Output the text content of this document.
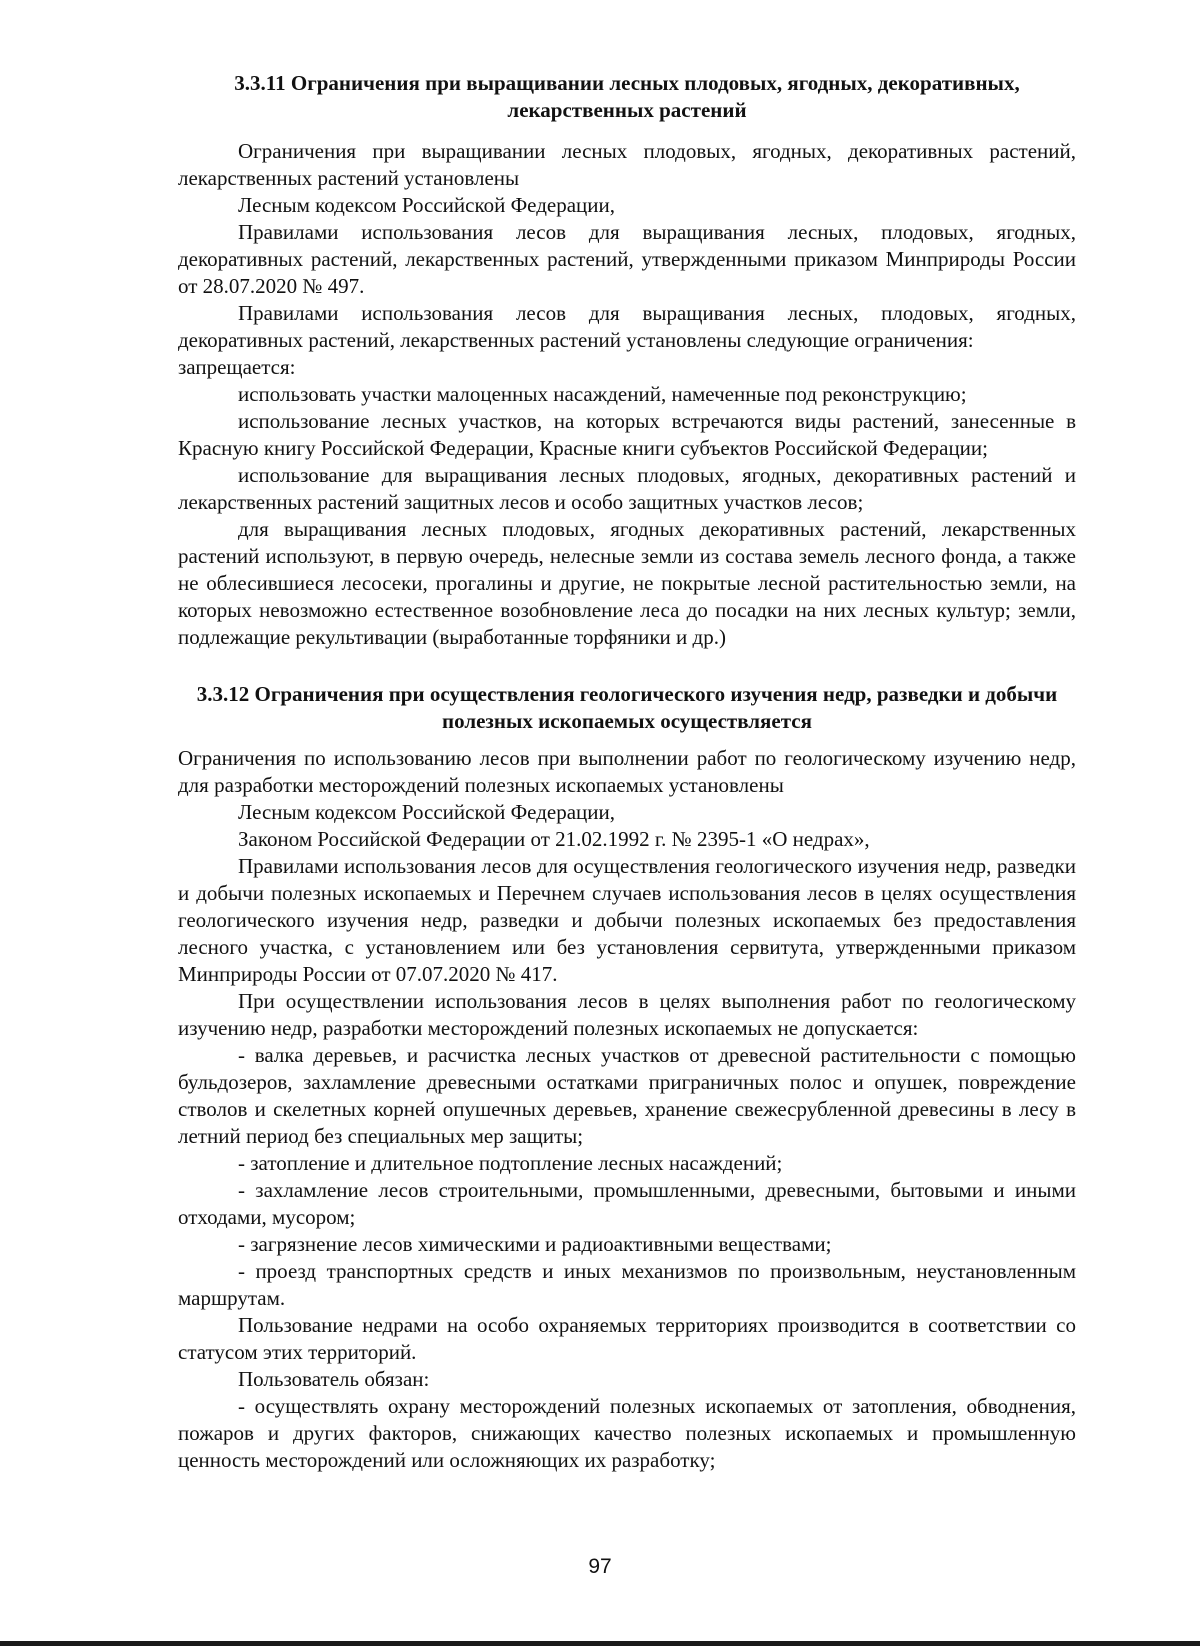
3.3.11 Ограничения при выращивании лесных плодовых, ягодных, декоративных, лекарственных растений

Ограничения при выращивании лесных плодовых, ягодных, декоративных растений, лекарственных растений установлены

Лесным кодексом Российской Федерации,

Правилами использования лесов для выращивания лесных, плодовых, ягодных, декоративных растений, лекарственных растений, утвержденными приказом Минприроды России от 28.07.2020 № 497.

Правилами использования лесов для выращивания лесных, плодовых, ягодных, декоративных растений, лекарственных растений установлены следующие ограничения:

запрещается:

использовать участки малоценных насаждений, намеченные под реконструкцию;

использование лесных участков, на которых встречаются виды растений, занесенные в Красную книгу Российской Федерации, Красные книги субъектов Российской Федерации;

использование для выращивания лесных плодовых, ягодных, декоративных растений и лекарственных растений защитных лесов и особо защитных участков лесов;

для выращивания лесных плодовых, ягодных декоративных растений, лекарственных растений используют, в первую очередь, нелесные земли из состава земель лесного фонда, а также не облесившиеся лесосеки, прогалины и другие, не покрытые лесной растительностью земли, на которых невозможно естественное возобновление леса до посадки на них лесных культур; земли, подлежащие рекультивации (выработанные торфяники и др.)

3.3.12 Ограничения при осуществления геологического изучения недр, разведки и добычи полезных ископаемых осуществляется

Ограничения по использованию лесов при выполнении работ по геологическому изучению недр, для разработки месторождений полезных ископаемых установлены

Лесным кодексом Российской Федерации,

Законом Российской Федерации от 21.02.1992 г. № 2395-1 «О недрах»,

Правилами использования лесов для осуществления геологического изучения недр, разведки и добычи полезных ископаемых и Перечнем случаев использования лесов в целях осуществления геологического изучения недр, разведки и добычи полезных ископаемых без предоставления лесного участка, с установлением или без установления сервитута, утвержденными приказом Минприроды России от 07.07.2020 № 417.

При осуществлении использования лесов в целях выполнения работ по геологическому изучению недр, разработки месторождений полезных ископаемых не допускается:

- валка деревьев, и расчистка лесных участков от древесной растительности с помощью бульдозеров, захламление древесными остатками приграничных полос и опушек, повреждение стволов и скелетных корней опушечных деревьев, хранение свежесрубленной древесины в лесу в летний период без специальных мер защиты;

- затопление и длительное подтопление лесных насаждений;

- захламление лесов строительными, промышленными, древесными, бытовыми и иными отходами, мусором;

- загрязнение лесов химическими и радиоактивными веществами;

- проезд транспортных средств и иных механизмов по произвольным, неустановленным маршрутам.

Пользование недрами на особо охраняемых территориях производится в соответствии со статусом этих территорий.

Пользователь обязан:

- осуществлять охрану месторождений полезных ископаемых от затопления, обводнения, пожаров и других факторов, снижающих качество полезных ископаемых и промышленную ценность месторождений или осложняющих их разработку;

97
